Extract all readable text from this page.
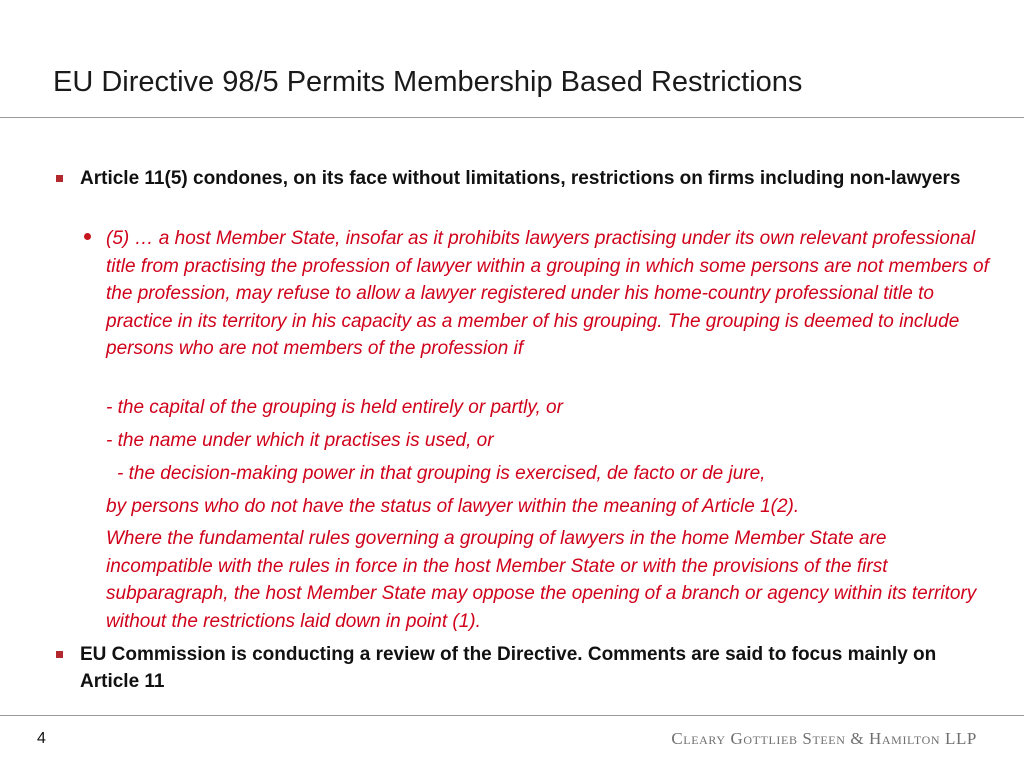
EU Directive 98/5 Permits Membership Based Restrictions
Article 11(5) condones, on its face without limitations, restrictions on firms including non-lawyers
(5) … a host Member State, insofar as it prohibits lawyers practising under its own relevant professional title from practising the profession of lawyer within a grouping in which some persons are not members of the profession, may refuse to allow a lawyer registered under his home-country professional title to practice in its territory in his capacity as a member of his grouping. The grouping is deemed to include persons who are not members of the profession if
- the capital of the grouping is held entirely or partly, or
- the name under which it practises is used, or
- the decision-making power in that grouping is exercised, de facto or de jure,
by persons who do not have the status of lawyer within the meaning of Article 1(2).
Where the fundamental rules governing a grouping of lawyers in the home Member State are incompatible with the rules in force in the host Member State or with the provisions of the first subparagraph, the host Member State may oppose the opening of a branch or agency within its territory without the restrictions laid down in point (1).
EU Commission is conducting a review of the Directive. Comments are said to focus mainly on Article 11
4	Cleary Gottlieb Steen & Hamilton LLP
